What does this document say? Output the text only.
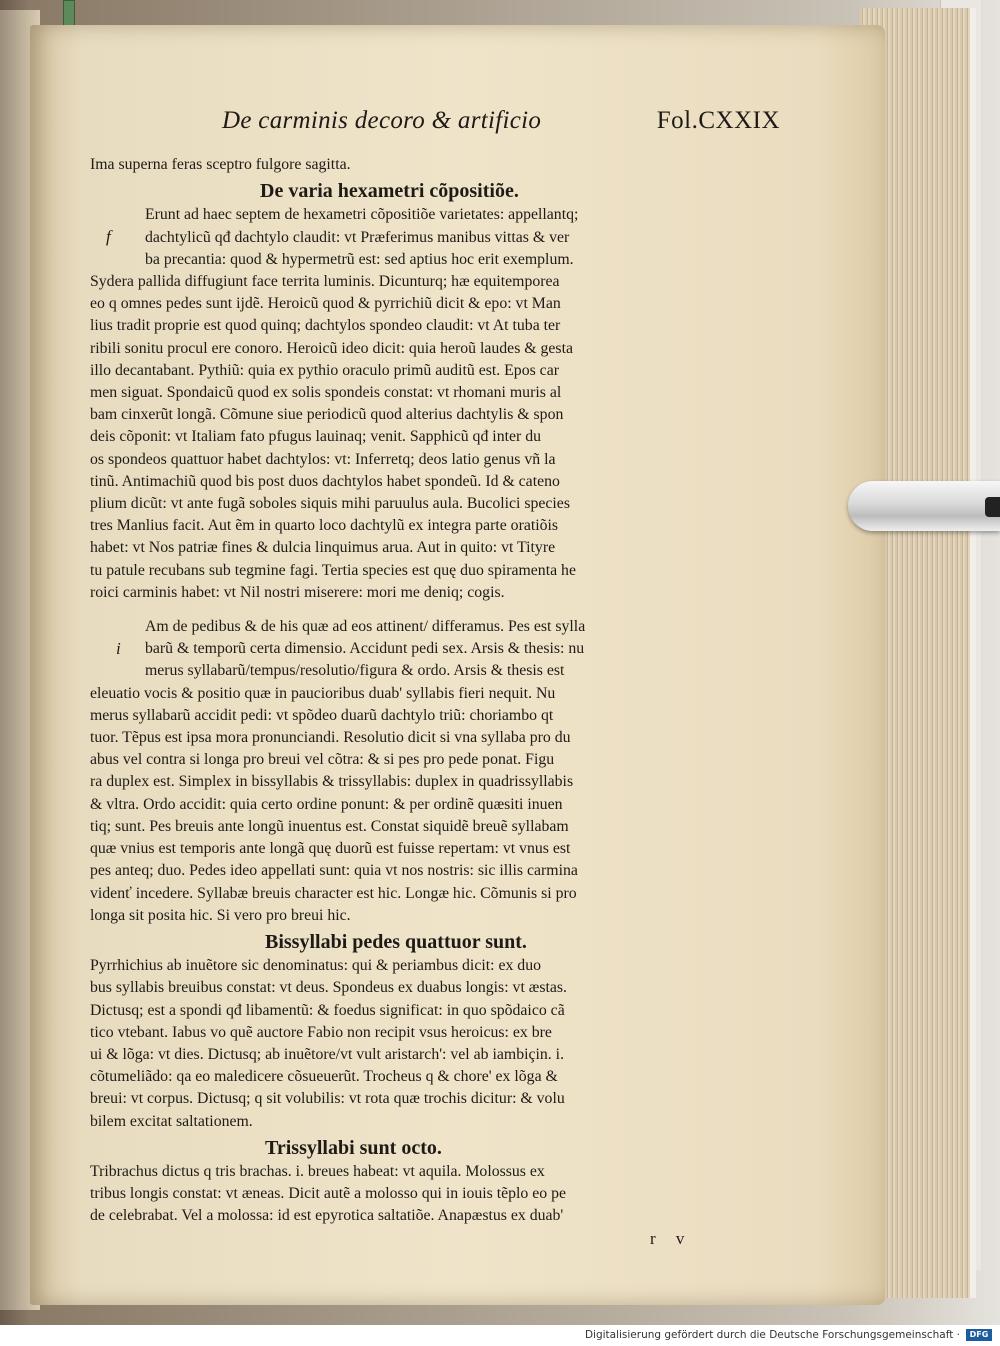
De carminis decoro & artificio	Fol.CXXIX
Ima superna feras sceptro fulgore sagitta.
De varia hexametri cõpositiõe.
f
Erunt ad haec septem de hexametri cõpositiõe varietates: appellantq;
dachtylicũ qđ dachtylo claudit: vt Præferimus manibus vittas & ver
ba precantia: quod & hypermetrũ est: sed aptius hoc erit exemplum.
Sydera pallida diffugiunt face territa luminis. Dicunturq; hæ equitemporea
eo q omnes pedes sunt ijdẽ. Heroicũ quod & pyrrichiũ dicit & epo: vt Man
lius tradit proprie est quod quinq; dachtylos spondeo claudit: vt At tuba ter
ribili sonitu procul ere conoro. Heroicũ ideo dicit: quia heroũ laudes & gesta
illo decantabant. Pythiũ: quia ex pythio oraculo primũ auditũ est. Epos car
men siguat. Spondaicũ quod ex solis spondeis constat: vt rhomani muris al
bam cinxerũt longã. Cõmune siue periodicũ quod alterius dachtylis & spon
deis cõponit: vt Italiam fato pfugus lauinaq; venit. Sapphicũ qđ inter du
os spondeos quattuor habet dachtylos: vt: Inferretq; deos latio genus vñ la
tinũ. Antimachiũ quod bis post duos dachtylos habet spondeũ. Id & cateno
plium dicũt: vt ante fugã soboles siquis mihi paruulus aula. Bucolici species
tres Manlius facit. Aut ẽm in quarto loco dachtylũ ex integra parte oratiõis
habet: vt Nos patriæ fines & dulcia linquimus arua. Aut in quito: vt Tityre
tu patule recubans sub tegmine fagi. Tertia species est quę duo spiramenta he
roici carminis habet: vt Nil nostri miserere: mori me deniq; cogis.
i
Am de pedibus & de his quæ ad eos attinent/ differamus. Pes est sylla
barũ & temporũ certa dimensio. Accidunt pedi sex. Arsis & thesis: nu
merus syllabarũ/tempus/resolutio/figura & ordo. Arsis & thesis est
eleuatio vocis & positio quæ in paucioribus duab' syllabis fieri nequit. Nu
merus syllabarũ accidit pedi: vt spõdeo duarũ dachtylo triũ: choriambo qt
tuor. Tẽpus est ipsa mora pronunciandi. Resolutio dicit si vna syllaba pro du
abus vel contra si longa pro breui vel cõtra: & si pes pro pede ponat. Figu
ra duplex est. Simplex in bissyllabis & trissyllabis: duplex in quadrissyllabis
& vltra. Ordo accidit: quia certo ordine ponunt: & per ordinẽ quæsiti inuen
tiq; sunt. Pes breuis ante longũ inuentus est. Constat siquidẽ breuẽ syllabam
quæ vnius est temporis ante longã quę duorũ est fuisse repertam: vt vnus est
pes anteq; duo. Pedes ideo appellati sunt: quia vt nos nostris: sic illis carmina
videnť incedere. Syllabæ breuis character est hic. Longæ hic. Cõmunis si pro
longa sit posita hic. Si vero pro breui hic.
Bissyllabi pedes quattuor sunt.
Pyrrhichius ab inuẽtore sic denominatus: qui & periambus dicit: ex duo
bus syllabis breuibus constat: vt deus. Spondeus ex duabus longis: vt æstas.
Dictusq; est a spondi qđ libamentũ: & foedus significat: in quo spõdaico cã
tico vtebant. Iabus vo quẽ auctore Fabio non recipit vsus heroicus: ex bre
ui & lõga: vt dies. Dictusq; ab inuẽtore/vt vult aristarch': vel ab iambiçin. i.
cõtumeliãdo: qa eo maledicere cõsueuerũt. Trocheus q & chore' ex lõga &
breui: vt corpus. Dictusq; q sit volubilis: vt rota quæ trochis dicitur: & volu
bilem excitat saltationem.
Trissyllabi sunt octo.
Tribrachus dictus q tris brachas. i. breues habeat: vt aquila. Molossus ex
tribus longis constat: vt æneas. Dicit autẽ a molosso qui in iouis tẽplo eo pe
de celebrabat. Vel a molossa: id est epyrotica saltatiõe. Anapæstus ex duab'
r v
Digitalisierung gefördert durch die Deutsche Forschungsgemeinschaft · DFG
